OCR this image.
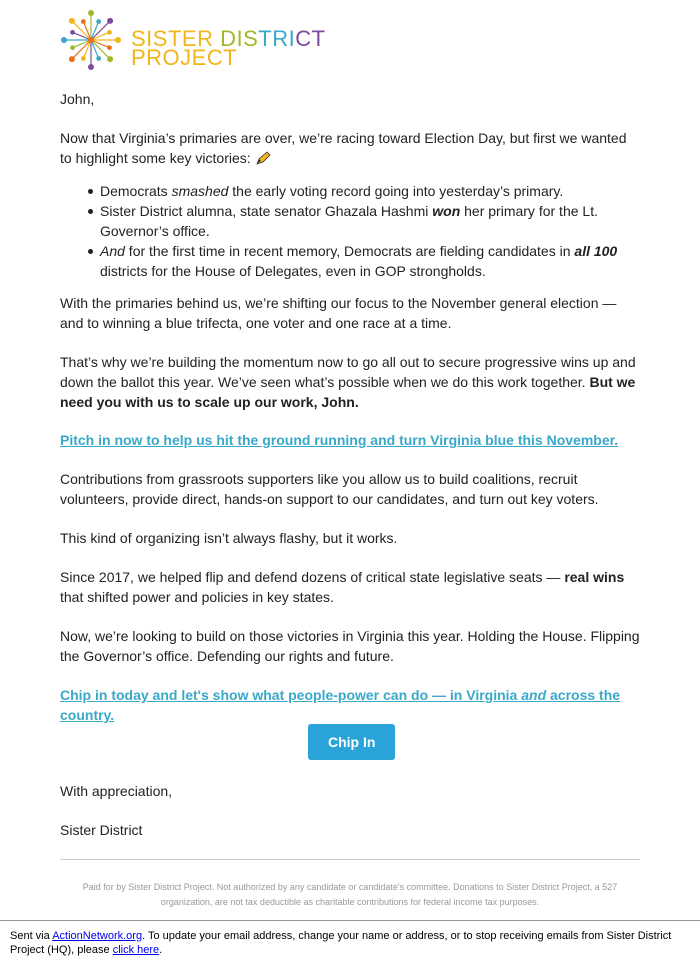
SISTER DISTRICT
PROJECT

John,

Now that Virginia’s primaries are over, we’re racing toward Election Day, but first we wanted to highlight some key victories:

Democrats smashed the early voting record going into yesterday’s primary.
Sister District alumna, state senator Ghazala Hashmi won her primary for the Lt. Governor’s office.
And for the first time in recent memory, Democrats are fielding candidates in all 100 districts for the House of Delegates, even in GOP strongholds.

With the primaries behind us, we’re shifting our focus to the November general election — and to winning a blue trifecta, one voter and one race at a time.

That’s why we’re building the momentum now to go all out to secure progressive wins up and down the ballot this year. We’ve seen what’s possible when we do this work together. But we need you with us to scale up our work, John.

Pitch in now to help us hit the ground running and turn Virginia blue this November.

Contributions from grassroots supporters like you allow us to build coalitions, recruit volunteers, provide direct, hands-on support to our candidates, and turn out key voters.

This kind of organizing isn’t always flashy, but it works.

Since 2017, we helped flip and defend dozens of critical state legislative seats — real wins that shifted power and policies in key states.

Now, we’re looking to build on those victories in Virginia this year. Holding the House. Flipping the Governor’s office. Defending our rights and future.

Chip in today and let's show what people-power can do — in Virginia and across the country.

Chip In

With appreciation,

Sister District

Paid for by Sister District Project. Not authorized by any candidate or candidate's committee. Donations to Sister District Project, a 527 organization, are not tax deductible as charitable contributions for federal income tax purposes.
Sent via ActionNetwork.org. To update your email address, change your name or address, or to stop receiving emails from Sister District Project (HQ), please click here.
